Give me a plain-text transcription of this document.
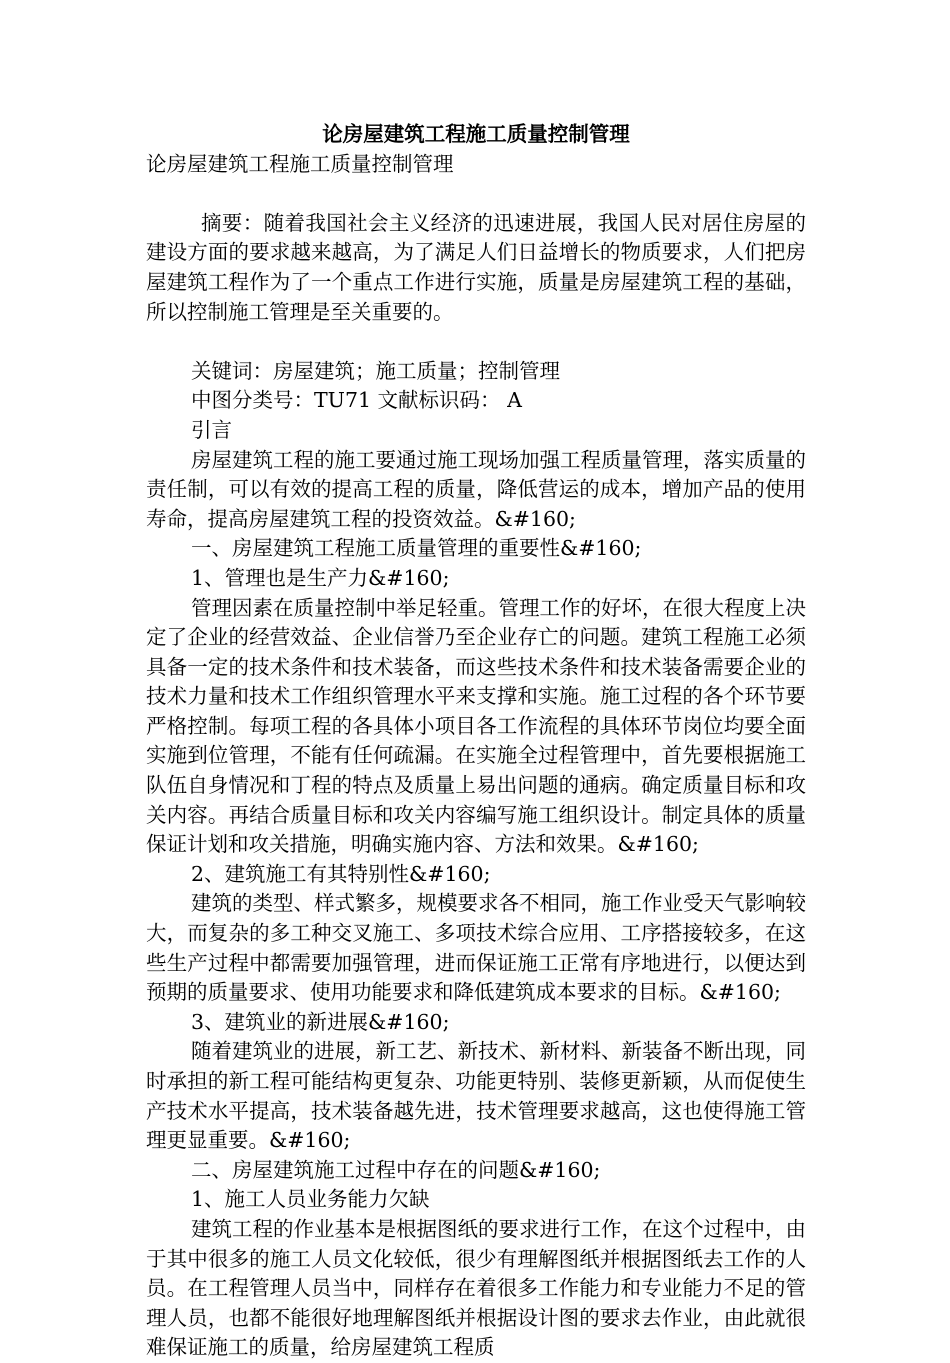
论房屋建筑工程施工质量控制管理

论房屋建筑工程施工质量控制管理

摘要：随着我国社会主义经济的迅速进展，我国人民对居住房屋的建设方面的要求越来越高，为了满足人们日益增长的物质要求，人们把房屋建筑工程作为了一个重点工作进行实施，质量是房屋建筑工程的基础，所以控制施工管理是至关重要的。

关键词：房屋建筑；施工质量；控制管理

中图分类号：TU71 文献标识码： A

引言

房屋建筑工程的施工要通过施工现场加强工程质量管理，落实质量的责任制，可以有效的提高工程的质量，降低营运的成本，增加产品的使用寿命，提高房屋建筑工程的投资效益。&#160;

一、房屋建筑工程施工质量管理的重要性&#160;

1、管理也是生产力&#160;

管理因素在质量控制中举足轻重。管理工作的好坏，在很大程度上决定了企业的经营效益、企业信誉乃至企业存亡的问题。建筑工程施工必须具备一定的技术条件和技术装备，而这些技术条件和技术装备需要企业的技术力量和技术工作组织管理水平来支撑和实施。施工过程的各个环节要严格控制。每项工程的各具体小项目各工作流程的具体环节岗位均要全面实施到位管理，不能有任何疏漏。在实施全过程管理中，首先要根据施工队伍自身情况和丁程的特点及质量上易出问题的通病。确定质量目标和攻关内容。再结合质量目标和攻关内容编写施工组织设计。制定具体的质量保证计划和攻关措施，明确实施内容、方法和效果。&#160;

2、建筑施工有其特别性&#160;

建筑的类型、样式繁多，规模要求各不相同，施工作业受天气影响较大，而复杂的多工种交叉施工、多项技术综合应用、工序搭接较多，在这些生产过程中都需要加强管理，进而保证施工正常有序地进行，以便达到预期的质量要求、使用功能要求和降低建筑成本要求的目标。&#160;

3、建筑业的新进展&#160;

随着建筑业的进展，新工艺、新技术、新材料、新装备不断出现，同时承担的新工程可能结构更复杂、功能更特别、装修更新颖，从而促使生产技术水平提高，技术装备越先进，技术管理要求越高，这也使得施工管理更显重要。&#160;

二、房屋建筑施工过程中存在的问题&#160;

1、施工人员业务能力欠缺

建筑工程的作业基本是根据图纸的要求进行工作，在这个过程中，由于其中很多的施工人员文化较低，很少有理解图纸并根据图纸去工作的人员。在工程管理人员当中，同样存在着很多工作能力和专业能力不足的管理人员，也都不能很好地理解图纸并根据设计图的要求去作业，由此就很难保证施工的质量，给房屋建筑工程质
